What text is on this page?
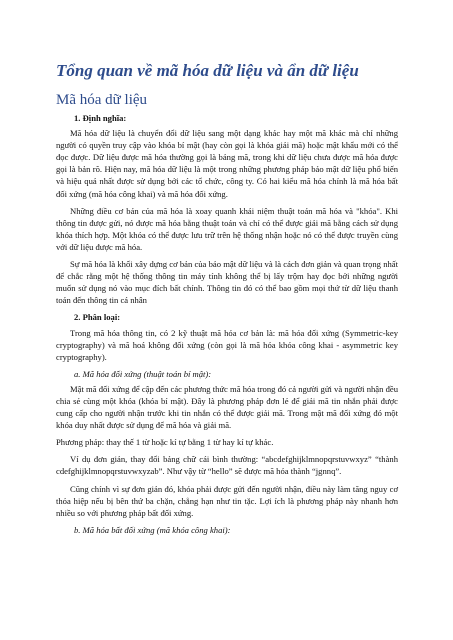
Tổng quan về mã hóa dữ liệu và ẩn dữ liệu
Mã hóa dữ liệu
1. Định nghĩa:

Mã hóa dữ liệu là chuyển đổi dữ liệu sang một dạng khác hay một mã khác mà chỉ những người có quyền truy cập vào khóa bí mật (hay còn gọi là khóa giải mã) hoặc mật khẩu mới có thể đọc được. Dữ liệu được mã hóa thường gọi là bảng mã, trong khi dữ liệu chưa được mã hóa được gọi là bản rõ. Hiện nay, mã hóa dữ liệu là một trong những phương pháp bảo mật dữ liệu phổ biến và hiệu quả nhất được sử dụng bởi các tổ chức, công ty. Có hai kiểu mã hóa chính là mã hóa bất đối xứng (mã hóa công khai) và mã hóa đối xứng.

Những điều cơ bản của mã hóa là xoay quanh khái niệm thuật toán mã hóa và "khóa". Khi thông tin được gửi, nó được mã hóa bằng thuật toán và chỉ có thể được giải mã bằng cách sử dụng khóa thích hợp. Một khóa có thể được lưu trữ trên hệ thống nhận hoặc nó có thể được truyền cùng với dữ liệu được mã hóa.

Sự mã hóa là khối xây dựng cơ bản của bảo mật dữ liệu và là cách đơn giản và quan trọng nhất để chắc rằng một hệ thống thông tin máy tính không thể bị lấy trộm hay đọc bởi những người muốn sử dụng nó vào mục đích bất chính. Thông tin đó có thể bao gồm mọi thứ từ dữ liệu thanh toán đến thông tin cá nhân

2. Phân loại:

Trong mã hóa thông tin, có 2 kỹ thuật mã hóa cơ bản là: mã hóa đối xứng (Symmetric-key cryptography) và mã hoá không đối xứng (còn gọi là mã hóa khóa công khai - asymmetric key cryptography).

a. Mã hóa đối xứng (thuật toán bí mật):

Mật mã đối xứng để cập đến các phương thức mã hóa trong đó cả người gửi và người nhận đều chia sẻ cùng một khóa (khóa bí mật). Đây là phương pháp đơn lẻ để giải mã tin nhắn phải được cung cấp cho người nhận trước khi tin nhắn có thể được giải mã. Trong mật mã đối xứng đó một khóa duy nhất được sử dụng để mã hóa và giải mã.

Phương pháp: thay thế 1 từ hoặc kí tự bằng 1 từ hay kí tự khác.

Ví dụ đơn giản, thay đổi bảng chữ cái bình thường: “abcdefghijklmnopqrstuvwxyz” “thành cdefghijklmnopqrstuvwxyzab”. Như vậy từ “hello” sẽ được mã hóa thành “jgnnq”.

Cũng chính vì sự đơn giản đó, khóa phải được gửi đến người nhận, điều này làm tăng nguy cơ thỏa hiệp nếu bị bên thứ ba chặn, chẳng hạn như tin tặc. Lợi ích là phương pháp này nhanh hơn nhiều so với phương pháp bất đối xứng.

b. Mã hóa bất đối xứng (mã khóa công khai):
